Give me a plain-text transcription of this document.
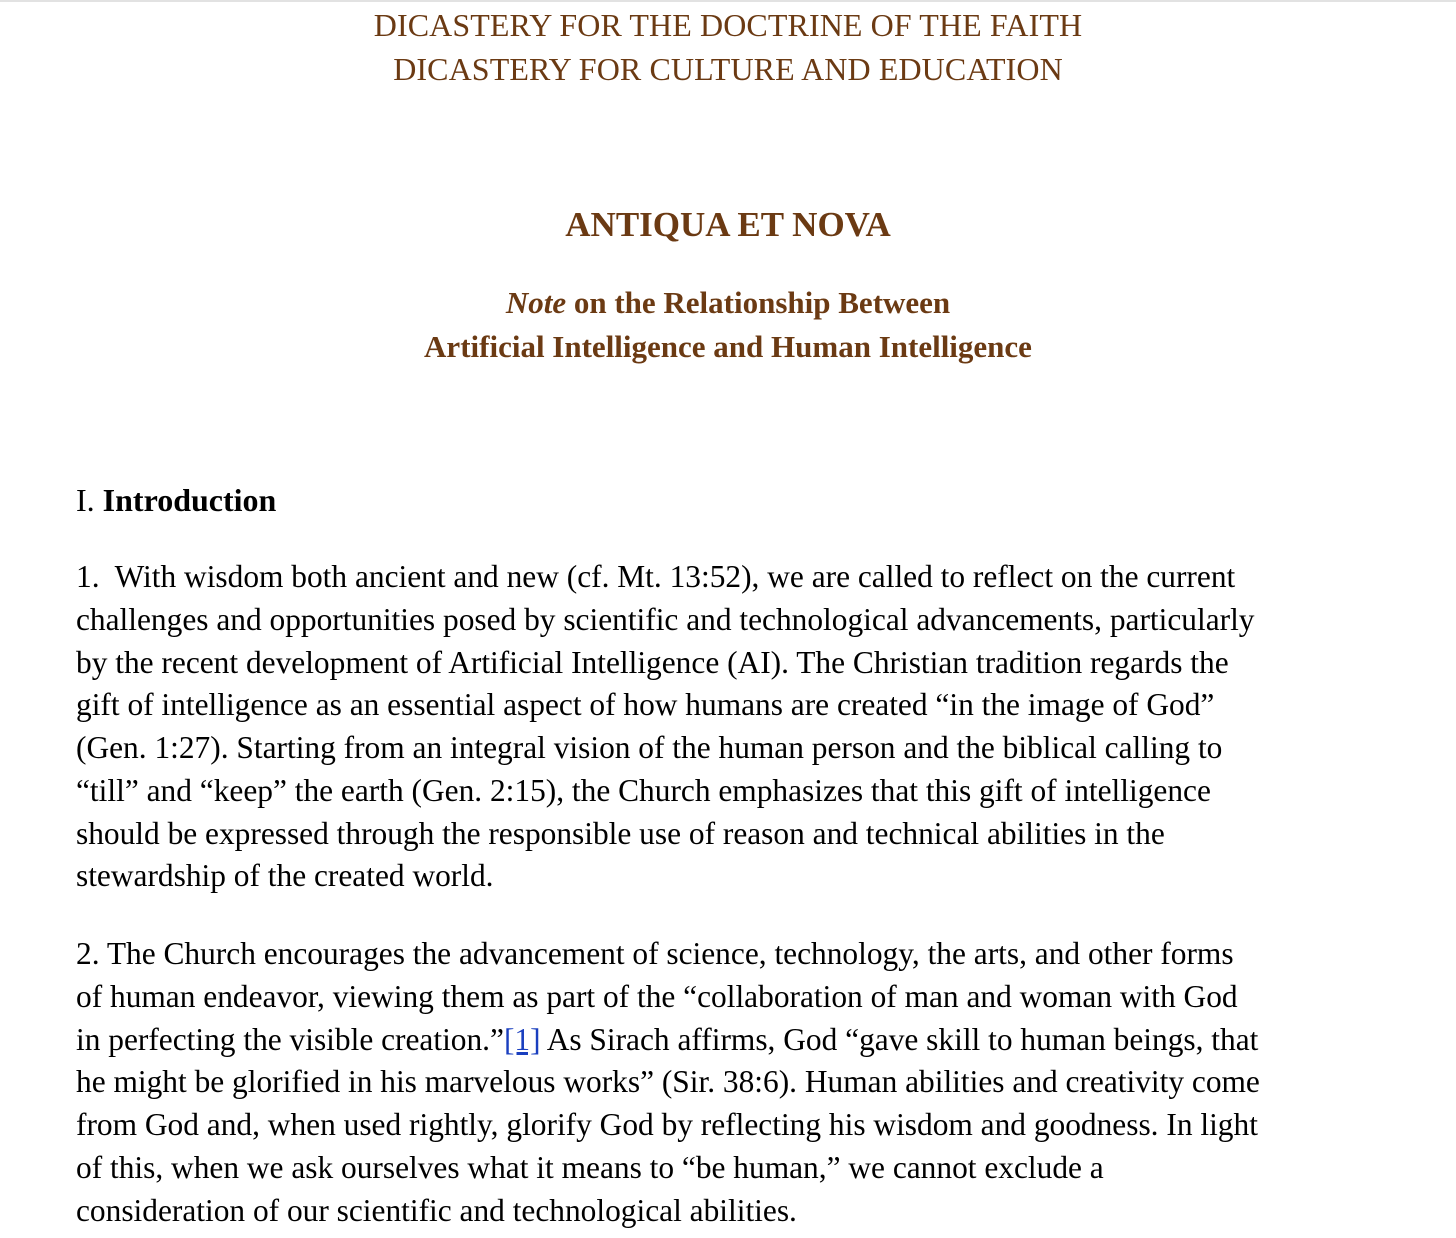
DICASTERY FOR THE DOCTRINE OF THE FAITH

DICASTERY FOR CULTURE AND EDUCATION

ANTIQUA ET NOVA
Note on the Relationship Between
Artificial Intelligence and Human Intelligence
I. Introduction
1.  With wisdom both ancient and new (cf. Mt. 13:52), we are called to reflect on the current
challenges and opportunities posed by scientific and technological advancements, particularly
by the recent development of Artificial Intelligence (AI). The Christian tradition regards the
gift of intelligence as an essential aspect of how humans are created “in the image of God”
(Gen. 1:27). Starting from an integral vision of the human person and the biblical calling to
“till” and “keep” the earth (Gen. 2:15), the Church emphasizes that this gift of intelligence
should be expressed through the responsible use of reason and technical abilities in the
stewardship of the created world.
2. The Church encourages the advancement of science, technology, the arts, and other forms
of human endeavor, viewing them as part of the “collaboration of man and woman with God
in perfecting the visible creation.”[1] As Sirach affirms, God “gave skill to human beings, that
he might be glorified in his marvelous works” (Sir. 38:6). Human abilities and creativity come
from God and, when used rightly, glorify God by reflecting his wisdom and goodness. In light
of this, when we ask ourselves what it means to “be human,” we cannot exclude a
consideration of our scientific and technological abilities.
